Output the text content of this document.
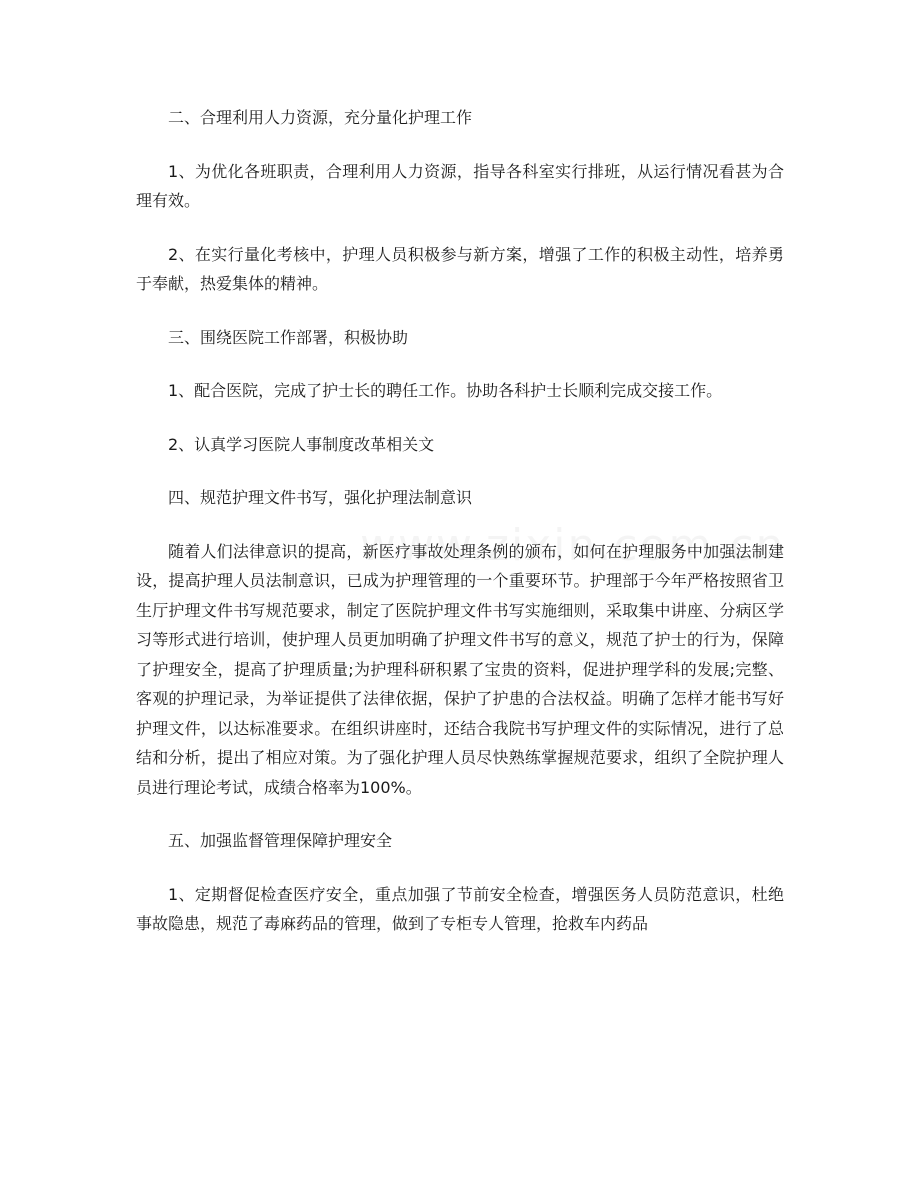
二、合理利用人力资源，充分量化护理工作

1、为优化各班职责，合理利用人力资源，指导各科室实行排班，从运行情况看甚为合理有效。

2、在实行量化考核中，护理人员积极参与新方案，增强了工作的积极主动性，培养勇于奉献，热爱集体的精神。

三、围绕医院工作部署，积极协助

1、配合医院，完成了护士长的聘任工作。协助各科护士长顺利完成交接工作。

2、认真学习医院人事制度改革相关文

四、规范护理文件书写，强化护理法制意识

随着人们法律意识的提高，新医疗事故处理条例的颁布，如何在护理服务中加强法制建设，提高护理人员法制意识，已成为护理管理的一个重要环节。护理部于今年严格按照省卫生厅护理文件书写规范要求，制定了医院护理文件书写实施细则，采取集中讲座、分病区学习等形式进行培训，使护理人员更加明确了护理文件书写的意义，规范了护士的行为，保障了护理安全，提高了护理质量;为护理科研积累了宝贵的资料，促进护理学科的发展;完整、客观的护理记录，为举证提供了法律依据，保护了护患的合法权益。明确了怎样才能书写好护理文件，以达标准要求。在组织讲座时，还结合我院书写护理文件的实际情况，进行了总结和分析，提出了相应对策。为了强化护理人员尽快熟练掌握规范要求，组织了全院护理人员进行理论考试，成绩合格率为100%。

五、加强监督管理保障护理安全

1、定期督促检查医疗安全，重点加强了节前安全检查，增强医务人员防范意识，杜绝事故隐患，规范了毒麻药品的管理，做到了专柜专人管理，抢救车内药品
